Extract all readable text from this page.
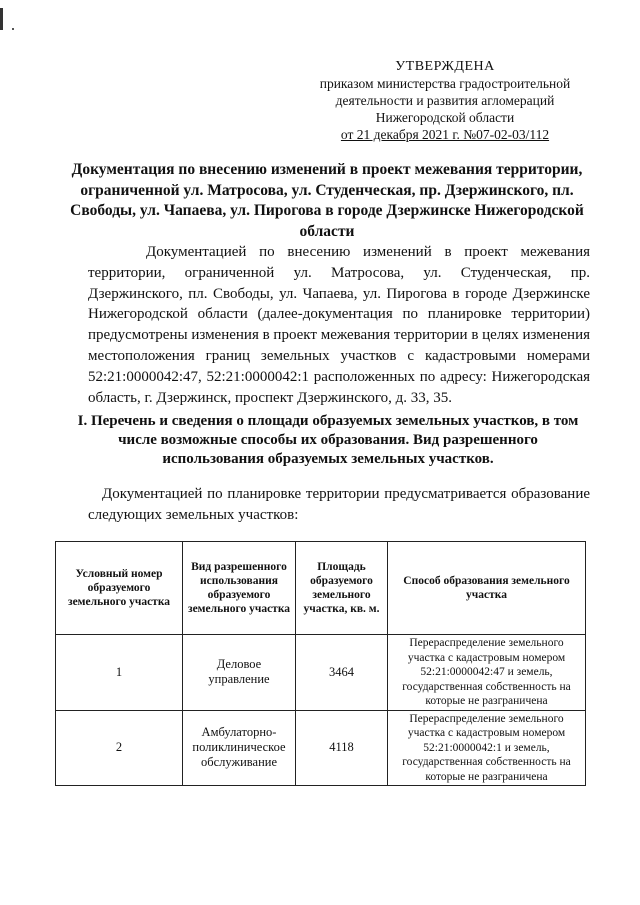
УТВЕРЖДЕНА
приказом министерства градостроительной
деятельности и развития агломераций
Нижегородской области
от 21 декабря 2021 г. №07-02-03/112
Документация по внесению изменений в проект межевания территории, ограниченной ул. Матросова, ул. Студенческая, пр. Дзержинского, пл. Свободы, ул. Чапаева, ул. Пирогова в городе Дзержинске Нижегородской области

Документацией по внесению изменений в проект межевания территории, ограниченной ул. Матросова, ул. Студенческая, пр. Дзержинского, пл. Свободы, ул. Чапаева, ул. Пирогова в городе Дзержинске Нижегородской области (далее-документация по планировке территории) предусмотрены изменения в проект межевания территории в целях изменения местоположения границ земельных участков с кадастровыми номерами 52:21:0000042:47, 52:21:0000042:1 расположенных по адресу: Нижегородская область, г. Дзержинск, проспект Дзержинского, д. 33, 35.

I. Перечень и сведения о площади образуемых земельных участков, в том числе возможные способы их образования. Вид разрешенного использования образуемых земельных участков.

Документацией по планировке территории предусматривается образование следующих земельных участков:

Условный номер образуемого земельного участка	Вид разрешенного использования образуемого земельного участка	Площадь образуемого земельного участка, кв. м.	Способ образования земельного участка
1	Деловое управление	3464	Перераспределение земельного участка с кадастровым номером 52:21:0000042:47 и земель, государственная собственность на которые не разграничена
2	Амбулаторно-поликлиническое обслуживание	4118	Перераспределение земельного участка с кадастровым номером 52:21:0000042:1 и земель, государственная собственность на которые не разграничена
